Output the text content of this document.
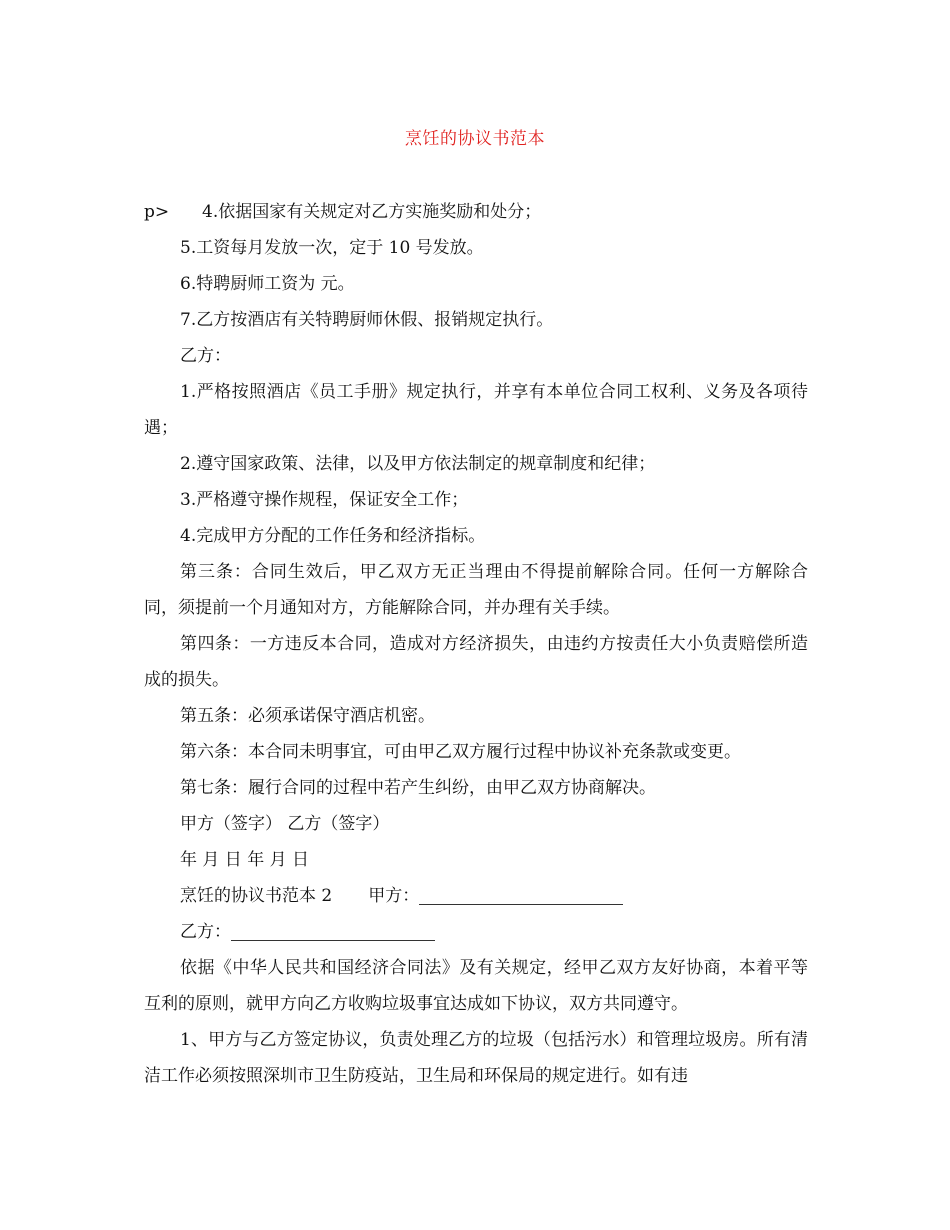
烹饪的协议书范本

p> 4.依据国家有关规定对乙方实施奖励和处分；

5.工资每月发放一次，定于 10 号发放。

6.特聘厨师工资为 元。

7.乙方按酒店有关特聘厨师休假、报销规定执行。

乙方：

1.严格按照酒店《员工手册》规定执行，并享有本单位合同工权利、义务及各项待遇；

2.遵守国家政策、法律，以及甲方依法制定的规章制度和纪律；

3.严格遵守操作规程，保证安全工作；

4.完成甲方分配的工作任务和经济指标。

第三条：合同生效后，甲乙双方无正当理由不得提前解除合同。任何一方解除合同，须提前一个月通知对方，方能解除合同，并办理有关手续。

第四条：一方违反本合同，造成对方经济损失，由违约方按责任大小负责赔偿所造成的损失。

第五条：必须承诺保守酒店机密。

第六条：本合同未明事宜，可由甲乙双方履行过程中协议补充条款或变更。

第七条：履行合同的过程中若产生纠纷，由甲乙双方协商解决。

甲方（签字） 乙方（签字）

年 月 日 年 月 日

烹饪的协议书范本 2 甲方：

乙方：

依据《中华人民共和国经济合同法》及有关规定，经甲乙双方友好协商，本着平等互利的原则，就甲方向乙方收购垃圾事宜达成如下协议，双方共同遵守。

1、甲方与乙方签定协议，负责处理乙方的垃圾（包括污水）和管理垃圾房。所有清洁工作必须按照深圳市卫生防疫站，卫生局和环保局的规定进行。如有违
